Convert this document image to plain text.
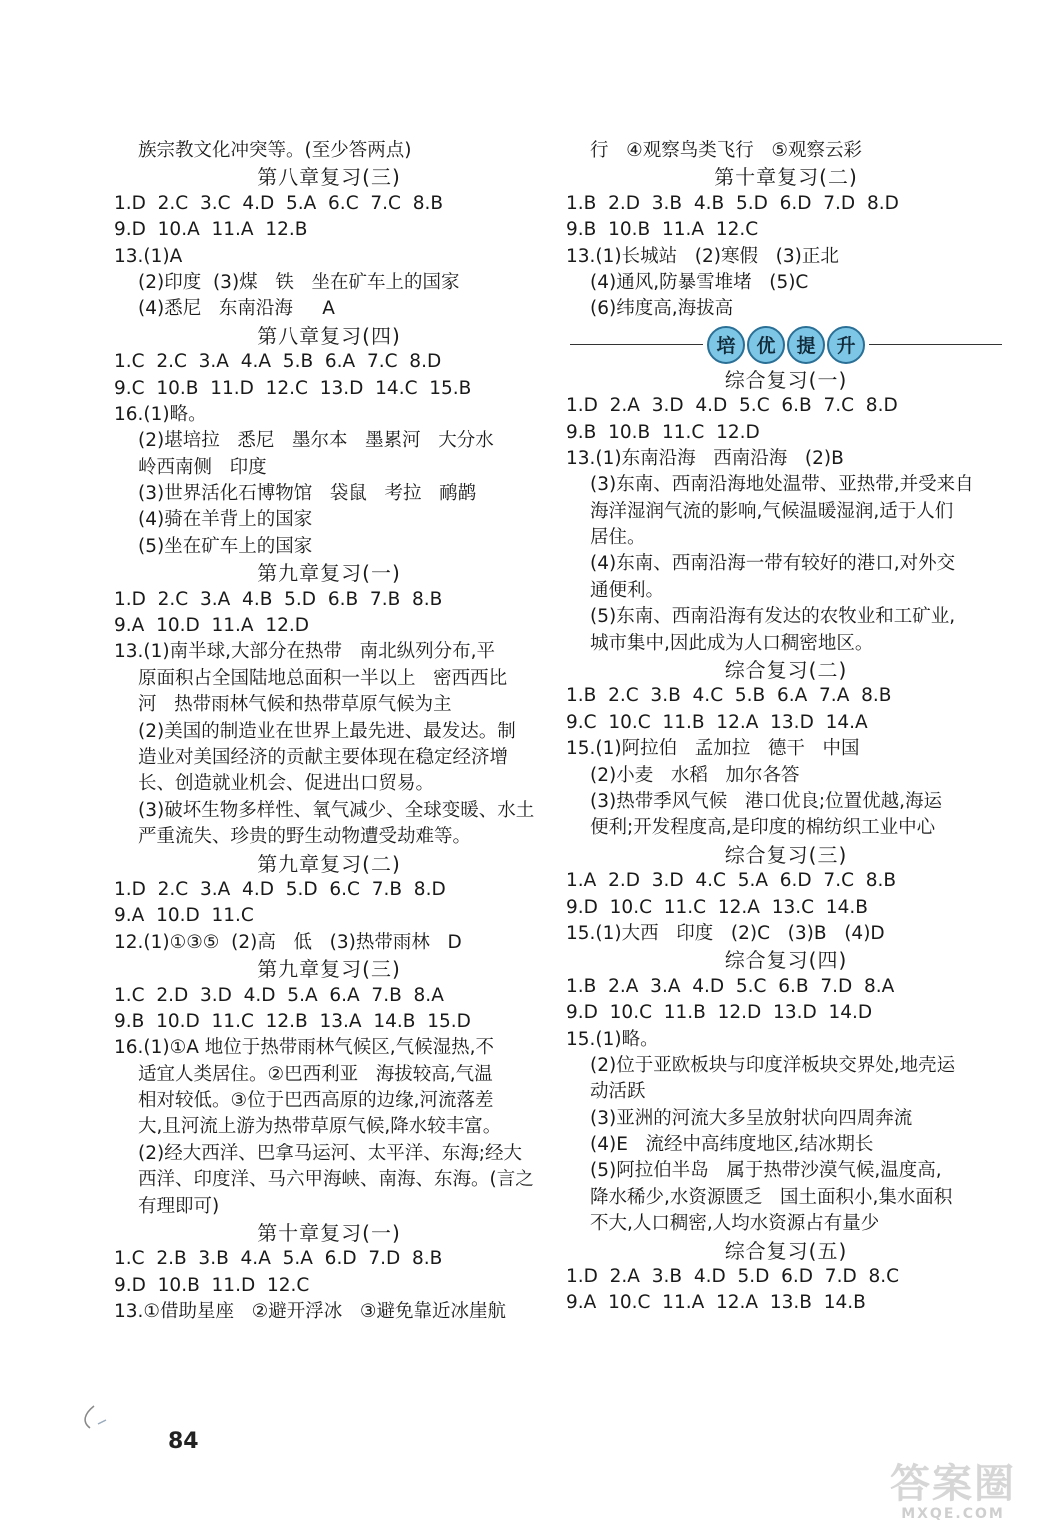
族宗教文化冲突等。(至少答两点)
第八章复习(三)
1.D  2.C  3.C  4.D  5.A  6.C  7.C  8.B
9.D  10.A  11.A  12.B
13.(1)A
(2)印度  (3)煤   铁   坐在矿车上的国家
(4)悉尼   东南沿海     A
第八章复习(四)
1.C  2.C  3.A  4.A  5.B  6.A  7.C  8.D
9.C  10.B  11.D  12.C  13.D  14.C  15.B
16.(1)略。
(2)堪培拉   悉尼   墨尔本   墨累河   大分水
岭西南侧   印度
(3)世界活化石博物馆   袋鼠   考拉   鸸鹋
(4)骑在羊背上的国家
(5)坐在矿车上的国家
第九章复习(一)
1.D  2.C  3.A  4.B  5.D  6.B  7.B  8.B
9.A  10.D  11.A  12.D
13.(1)南半球,大部分在热带   南北纵列分布,平
原面积占全国陆地总面积一半以上   密西西比
河   热带雨林气候和热带草原气候为主
(2)美国的制造业在世界上最先进、最发达。制
造业对美国经济的贡献主要体现在稳定经济增
长、创造就业机会、促进出口贸易。
(3)破坏生物多样性、氧气减少、全球变暖、水土
严重流失、珍贵的野生动物遭受劫难等。
第九章复习(二)
1.D  2.C  3.A  4.D  5.D  6.C  7.B  8.D
9.A  10.D  11.C
12.(1)①③⑤  (2)高   低   (3)热带雨林   D
第九章复习(三)
1.C  2.D  3.D  4.D  5.A  6.A  7.B  8.A
9.B  10.D  11.C  12.B  13.A  14.B  15.D
16.(1)①A 地位于热带雨林气候区,气候湿热,不
适宜人类居住。②巴西利亚   海拔较高,气温
相对较低。③位于巴西高原的边缘,河流落差
大,且河流上游为热带草原气候,降水较丰富。
(2)经大西洋、巴拿马运河、太平洋、东海;经大
西洋、印度洋、马六甲海峡、南海、东海。(言之
有理即可)
第十章复习(一)
1.C  2.B  3.B  4.A  5.A  6.D  7.D  8.B
9.D  10.B  11.D  12.C
13.①借助星座   ②避开浮冰   ③避免靠近冰崖航
行   ④观察鸟类飞行   ⑤观察云彩
第十章复习(二)
1.B  2.D  3.B  4.B  5.D  6.D  7.D  8.D
9.B  10.B  11.A  12.C
13.(1)长城站   (2)寒假   (3)正北
(4)通风,防暴雪堆堵   (5)C
(6)纬度高,海拔高
培	优	提	升
综合复习(一)
1.D  2.A  3.D  4.D  5.C  6.B  7.C  8.D
9.B  10.B  11.C  12.D
13.(1)东南沿海   西南沿海   (2)B
(3)东南、西南沿海地处温带、亚热带,并受来自
海洋湿润气流的影响,气候温暖湿润,适于人们
居住。
(4)东南、西南沿海一带有较好的港口,对外交
通便利。
(5)东南、西南沿海有发达的农牧业和工矿业,
城市集中,因此成为人口稠密地区。
综合复习(二)
1.B  2.C  3.B  4.C  5.B  6.A  7.A  8.B
9.C  10.C  11.B  12.A  13.D  14.A
15.(1)阿拉伯   孟加拉   德干   中国
(2)小麦   水稻   加尔各答
(3)热带季风气候   港口优良;位置优越,海运
便利;开发程度高,是印度的棉纺织工业中心
综合复习(三)
1.A  2.D  3.D  4.C  5.A  6.D  7.C  8.B
9.D  10.C  11.C  12.A  13.C  14.B
15.(1)大西   印度   (2)C   (3)B   (4)D
综合复习(四)
1.B  2.A  3.A  4.D  5.C  6.B  7.D  8.A
9.D  10.C  11.B  12.D  13.D  14.D
15.(1)略。
(2)位于亚欧板块与印度洋板块交界处,地壳运
动活跃
(3)亚洲的河流大多呈放射状向四周奔流
(4)E   流经中高纬度地区,结冰期长
(5)阿拉伯半岛   属于热带沙漠气候,温度高,
降水稀少,水资源匮乏   国土面积小,集水面积
不大,人口稠密,人均水资源占有量少
综合复习(五)
1.D  2.A  3.B  4.D  5.D  6.D  7.D  8.C
9.A  10.C  11.A  12.A  13.B  14.B
84
答案圈
MXQE.COM
